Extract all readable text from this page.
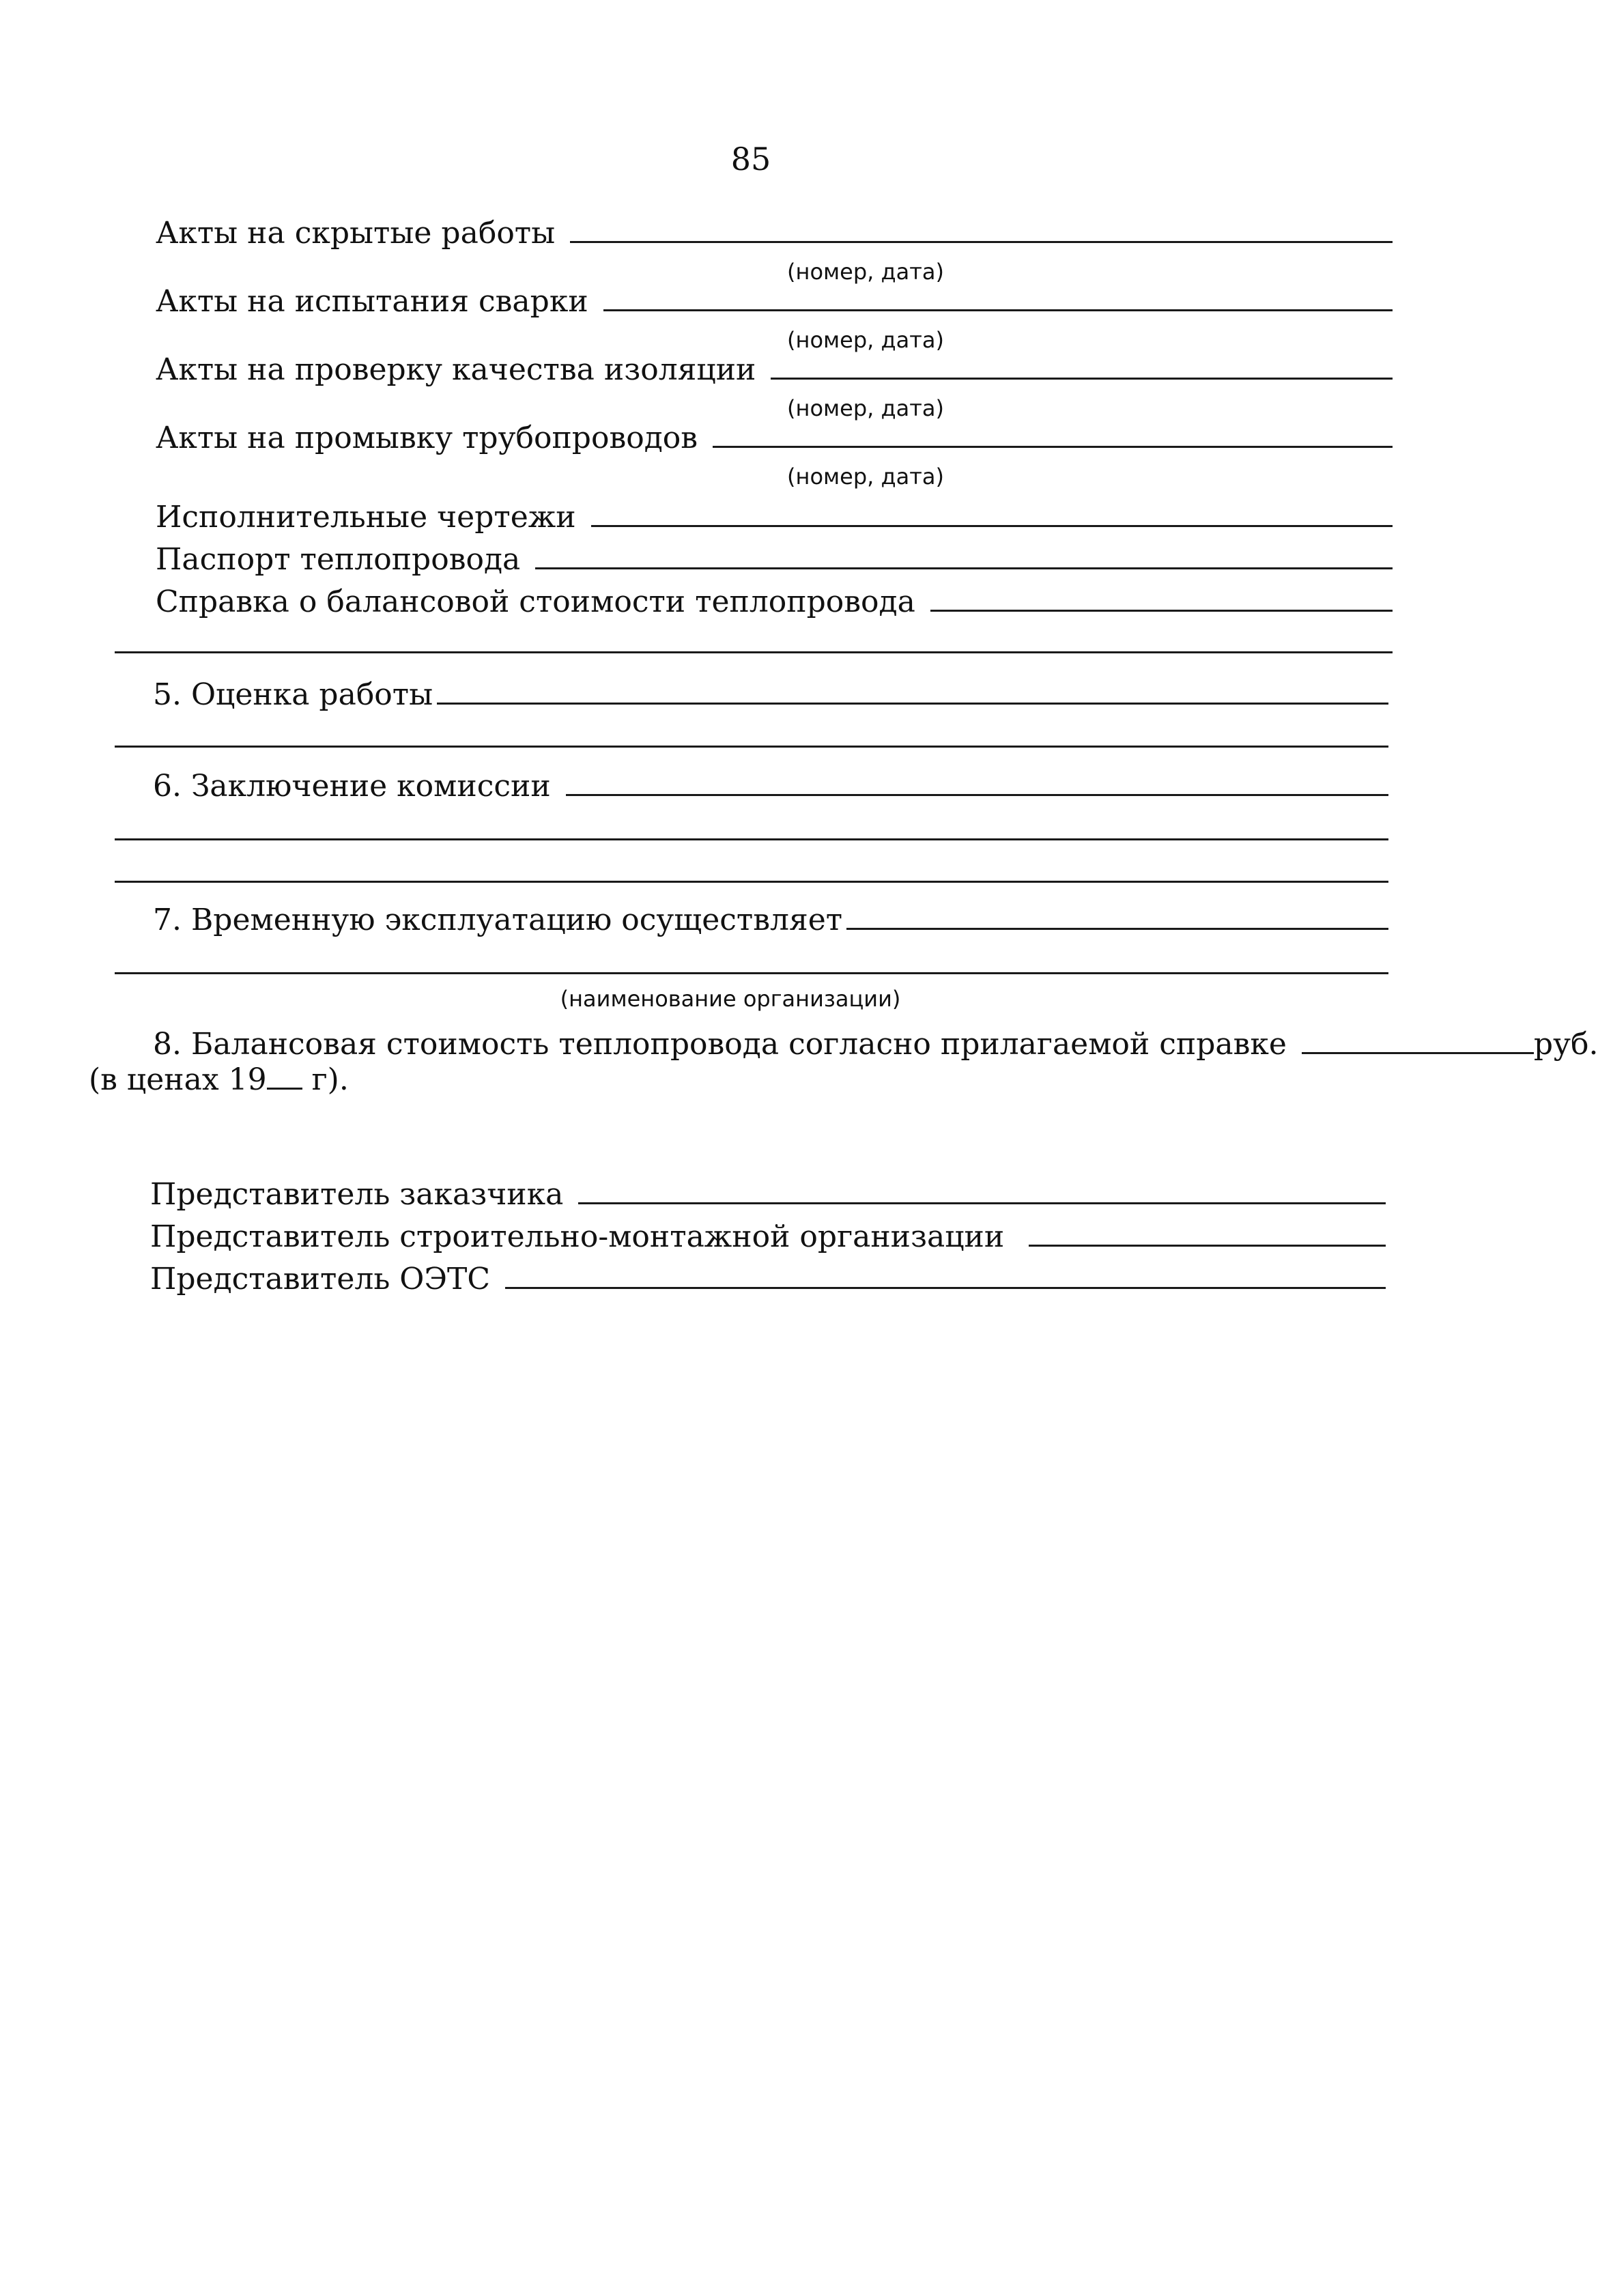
85
Акты на скрытые работы
(номер, дата)
Акты на испытания сварки
(номер, дата)
Акты на проверку качества изоляции
(номер, дата)
Акты на промывку трубопроводов
(номер, дата)
Исполнительные чертежи
Паспорт теплопровода
Справка о балансовой стоимости теплопровода
5. Оценка работы
6. Заключение комиссии
7. Временную эксплуатацию осуществляет
(наименование организации)
8. Балансовая стоимость теплопровода согласно прилагаемой справке	руб.
(в ценах 19 г).
Представитель заказчика
Представитель строительно-монтажной организации
Представитель ОЭТС
